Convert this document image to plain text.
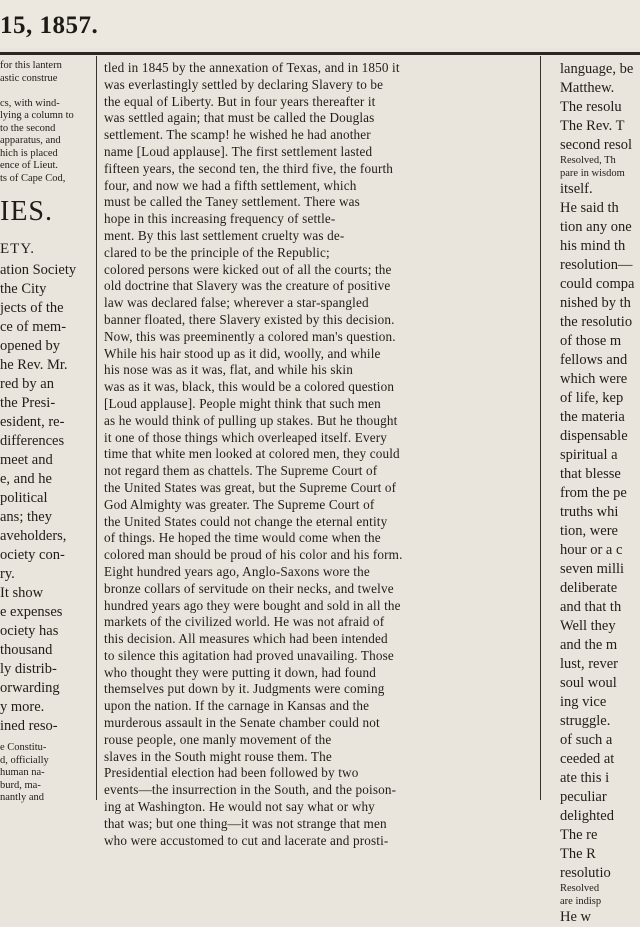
15, 1857.
for this lantern
astic construe
cs, with wind-
lying a column to
to the second
apparatus, and
hich is placed
ence of Lieut.
ts of Cape Cod,
IES.
ETY.
ation Society
the City
jects of the
ce of mem-
opened by
he Rev. Mr.
red by an
the Presi-
esident, re-
differences
meet and
e, and he
political
ans; they
aveholders,
ociety con-
ry.
It show
e expenses
ociety has
thousand
ly distrib-
orwarding
y more.
ined reso-
e Constitu-
d, officially
human na-
burd, ma-
nantly and
tled in 1845 by the annexation of Texas, and in 1850 it
was everlastingly settled by declaring Slavery to be
the equal of Liberty. But in four years thereafter it
was settled again; that must be called the Douglas
settlement. The scamp! he wished he had another
name [Loud applause]. The first settlement lasted
fifteen years, the second ten, the third five, the fourth
four, and now we had a fifth settlement, which
must be called the Taney settlement. There was
hope in this increasing frequency of settle-
ment. By this last settlement cruelty was de-
clared to be the principle of the Republic;
colored persons were kicked out of all the courts; the
old doctrine that Slavery was the creature of positive
law was declared false; wherever a star-spangled
banner floated, there Slavery existed by this decision.
Now, this was preeminently a colored man's question.
While his hair stood up as it did, woolly, and while
his nose was as it was, flat, and while his skin
was as it was, black, this would be a colored question
[Loud applause]. People might think that such men
as he would think of pulling up stakes. But he thought
it one of those things which overleaped itself. Every
time that white men looked at colored men, they could
not regard them as chattels. The Supreme Court of
the United States was great, but the Supreme Court of
God Almighty was greater. The Supreme Court of
the United States could not change the eternal entity
of things. He hoped the time would come when the
colored man should be proud of his color and his form.
Eight hundred years ago, Anglo-Saxons wore the
bronze collars of servitude on their necks, and twelve
hundred years ago they were bought and sold in all the
markets of the civilized world. He was not afraid of
this decision. All measures which had been intended
to silence this agitation had proved unavailing. Those
who thought they were putting it down, had found
themselves put down by it. Judgments were coming
upon the nation. If the carnage in Kansas and the
murderous assault in the Senate chamber could not
rouse people, one manly movement of the
slaves in the South might rouse them. The
Presidential election had been followed by two
events—the insurrection in the South, and the poison-
ing at Washington. He would not say what or why
that was; but one thing—it was not strange that men
who were accustomed to cut and lacerate and prosti-
language, be
Matthew.
The resolu
The Rev. T
second resol
Resolved, Th
pare in wisdom
itself.
He said th
tion any one
his mind th
resolution—
could compa
nished by th
the resolutio
of those m
fellows and
which were
of life, kep
the materia
dispensable
spiritual a
that blesse
from the pe
truths whi
tion, were
hour or a c
seven milli
deliberate
and that th
Well they
and the m
lust, rever
soul woul
ing vice
struggle.
of such a
ceeded at
ate this i
peculiar
delighted
The re
The R
resolutio
Resolved
are indisp
He w
